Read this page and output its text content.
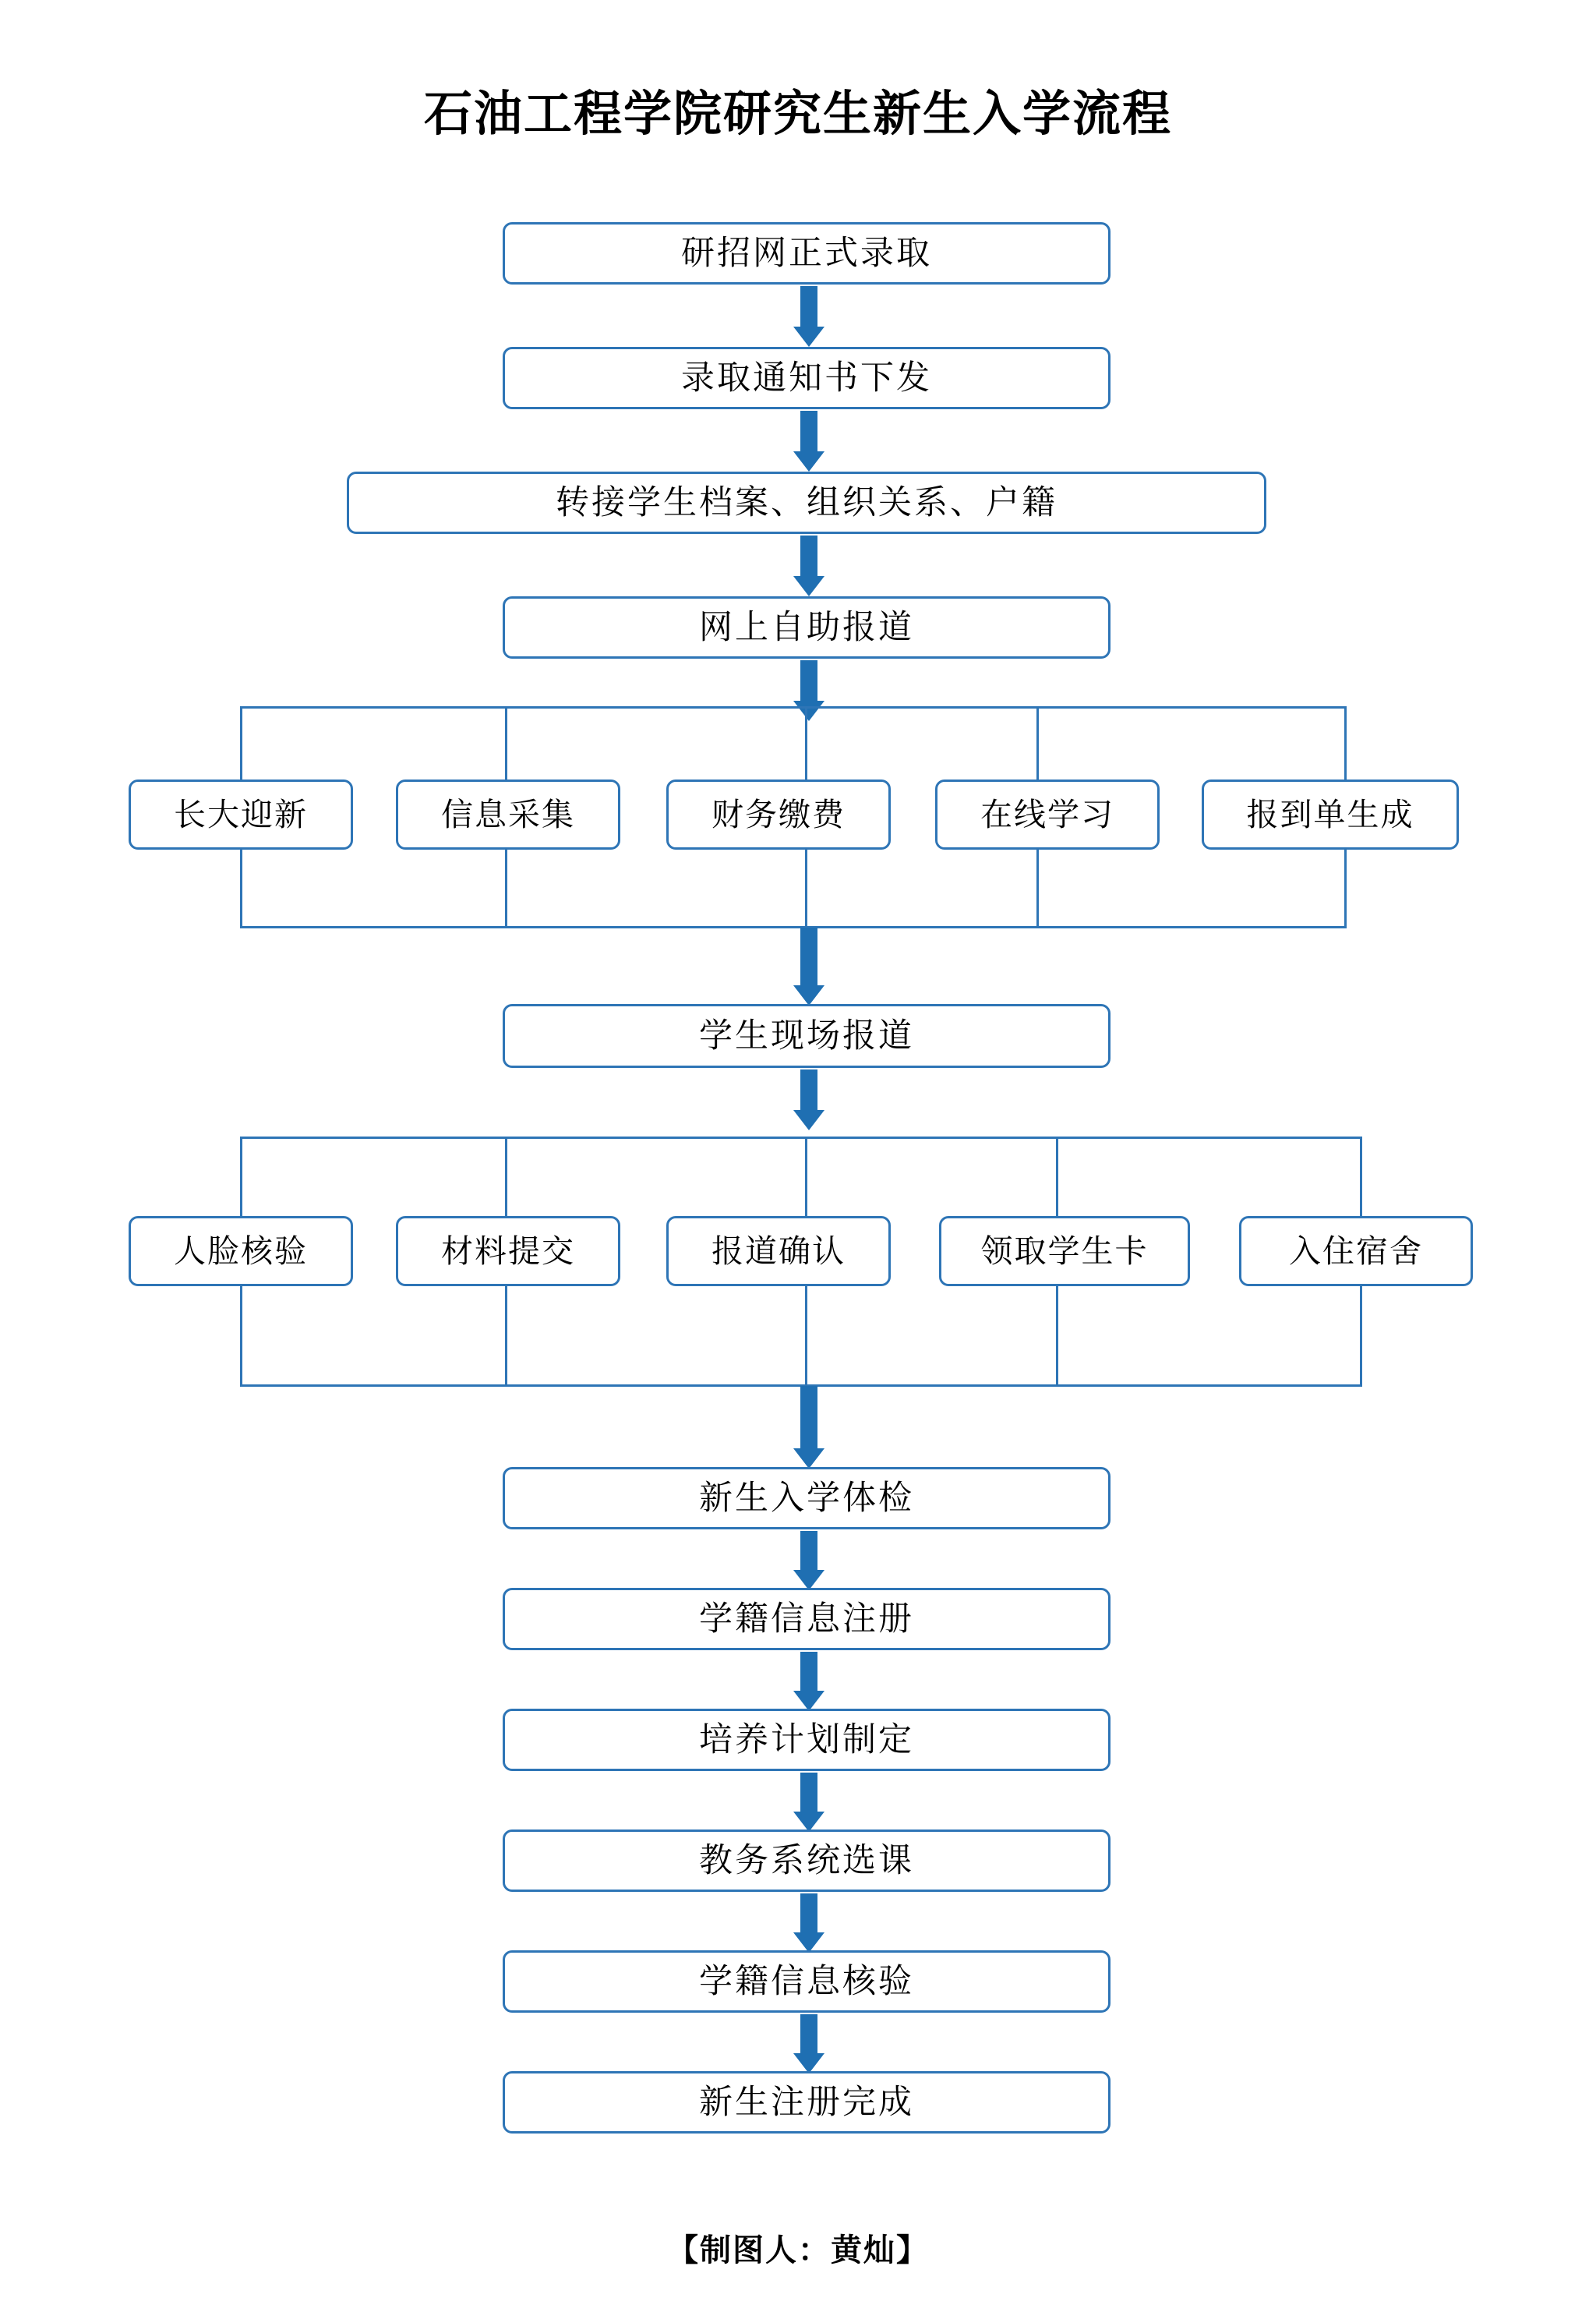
石油工程学院研究生新生入学流程
研招网正式录取
录取通知书下发
转接学生档案、组织关系、户籍
网上自助报道
长大迎新	信息采集	财务缴费	在线学习	报到单生成
学生现场报道
人脸核验	材料提交	报道确认	领取学生卡	入住宿舍
新生入学体检
学籍信息注册
培养计划制定
教务系统选课
学籍信息核验
新生注册完成
【制图人：黄灿】
